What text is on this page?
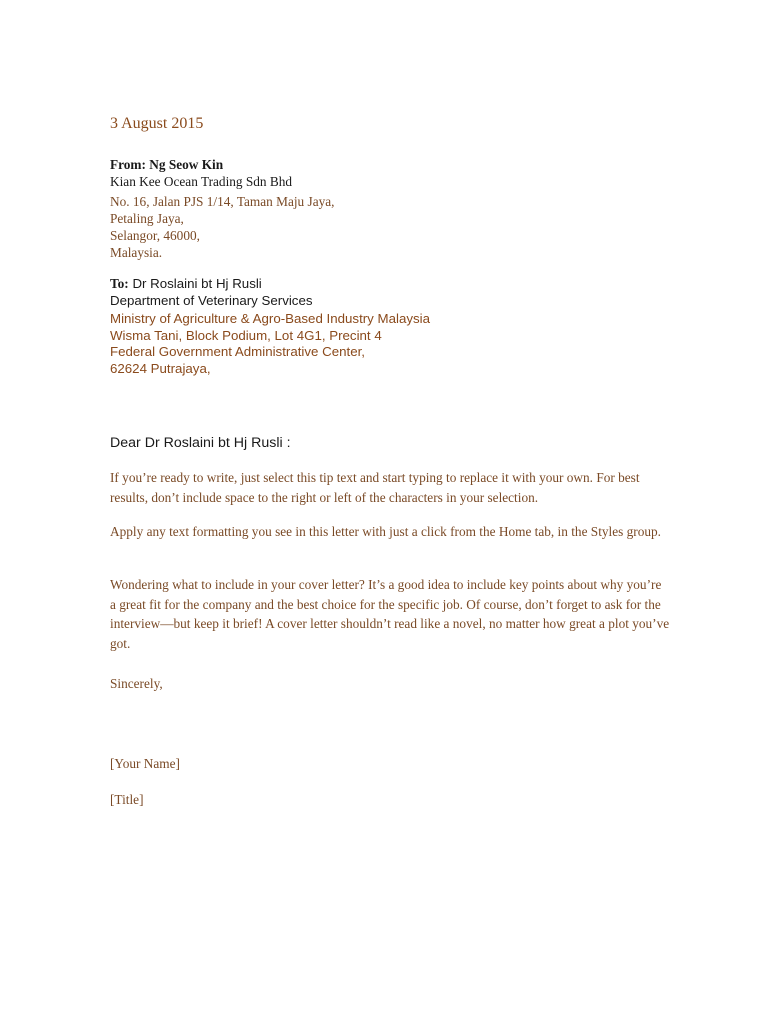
3 August 2015
From: Ng Seow Kin
Kian Kee Ocean Trading Sdn Bhd
No. 16, Jalan PJS 1/14, Taman Maju Jaya,
Petaling Jaya,
Selangor, 46000,
Malaysia.
To: Dr Roslaini bt Hj Rusli
Department of Veterinary Services
Ministry of Agriculture & Agro-Based Industry Malaysia
Wisma Tani, Block Podium, Lot 4G1, Precint 4
Federal Government Administrative Center,
62624 Putrajaya,
Dear Dr Roslaini bt Hj Rusli :
If you’re ready to write, just select this tip text and start typing to replace it with your own. For best results, don’t include space to the right or left of the characters in your selection.
Apply any text formatting you see in this letter with just a click from the Home tab, in the Styles group.
Wondering what to include in your cover letter? It’s a good idea to include key points about why you’re a great fit for the company and the best choice for the specific job. Of course, don’t forget to ask for the interview—but keep it brief! A cover letter shouldn’t read like a novel, no matter how great a plot you’ve got.
Sincerely,
[Your Name]
[Title]
